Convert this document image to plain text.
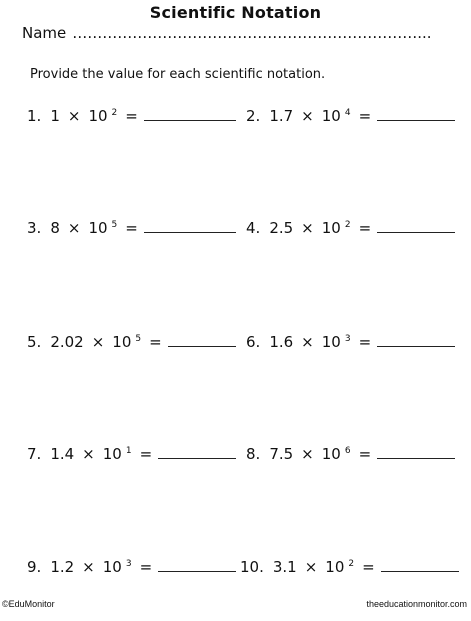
Scientific Notation
Name ……………………………………………………………...
Provide the value for each scientific notation.
1. 1 × 10 2 =	2. 1.7 × 10 4 =
3. 8 × 10 5 =	4. 2.5 × 10 2 =
5. 2.02 × 10 5 =	6. 1.6 × 10 3 =
7. 1.4 × 10 1 =	8. 7.5 × 10 6 =
9. 1.2 × 10 3 =	10. 3.1 × 10 2 =
©EduMonitor	theeducationmonitor.com
